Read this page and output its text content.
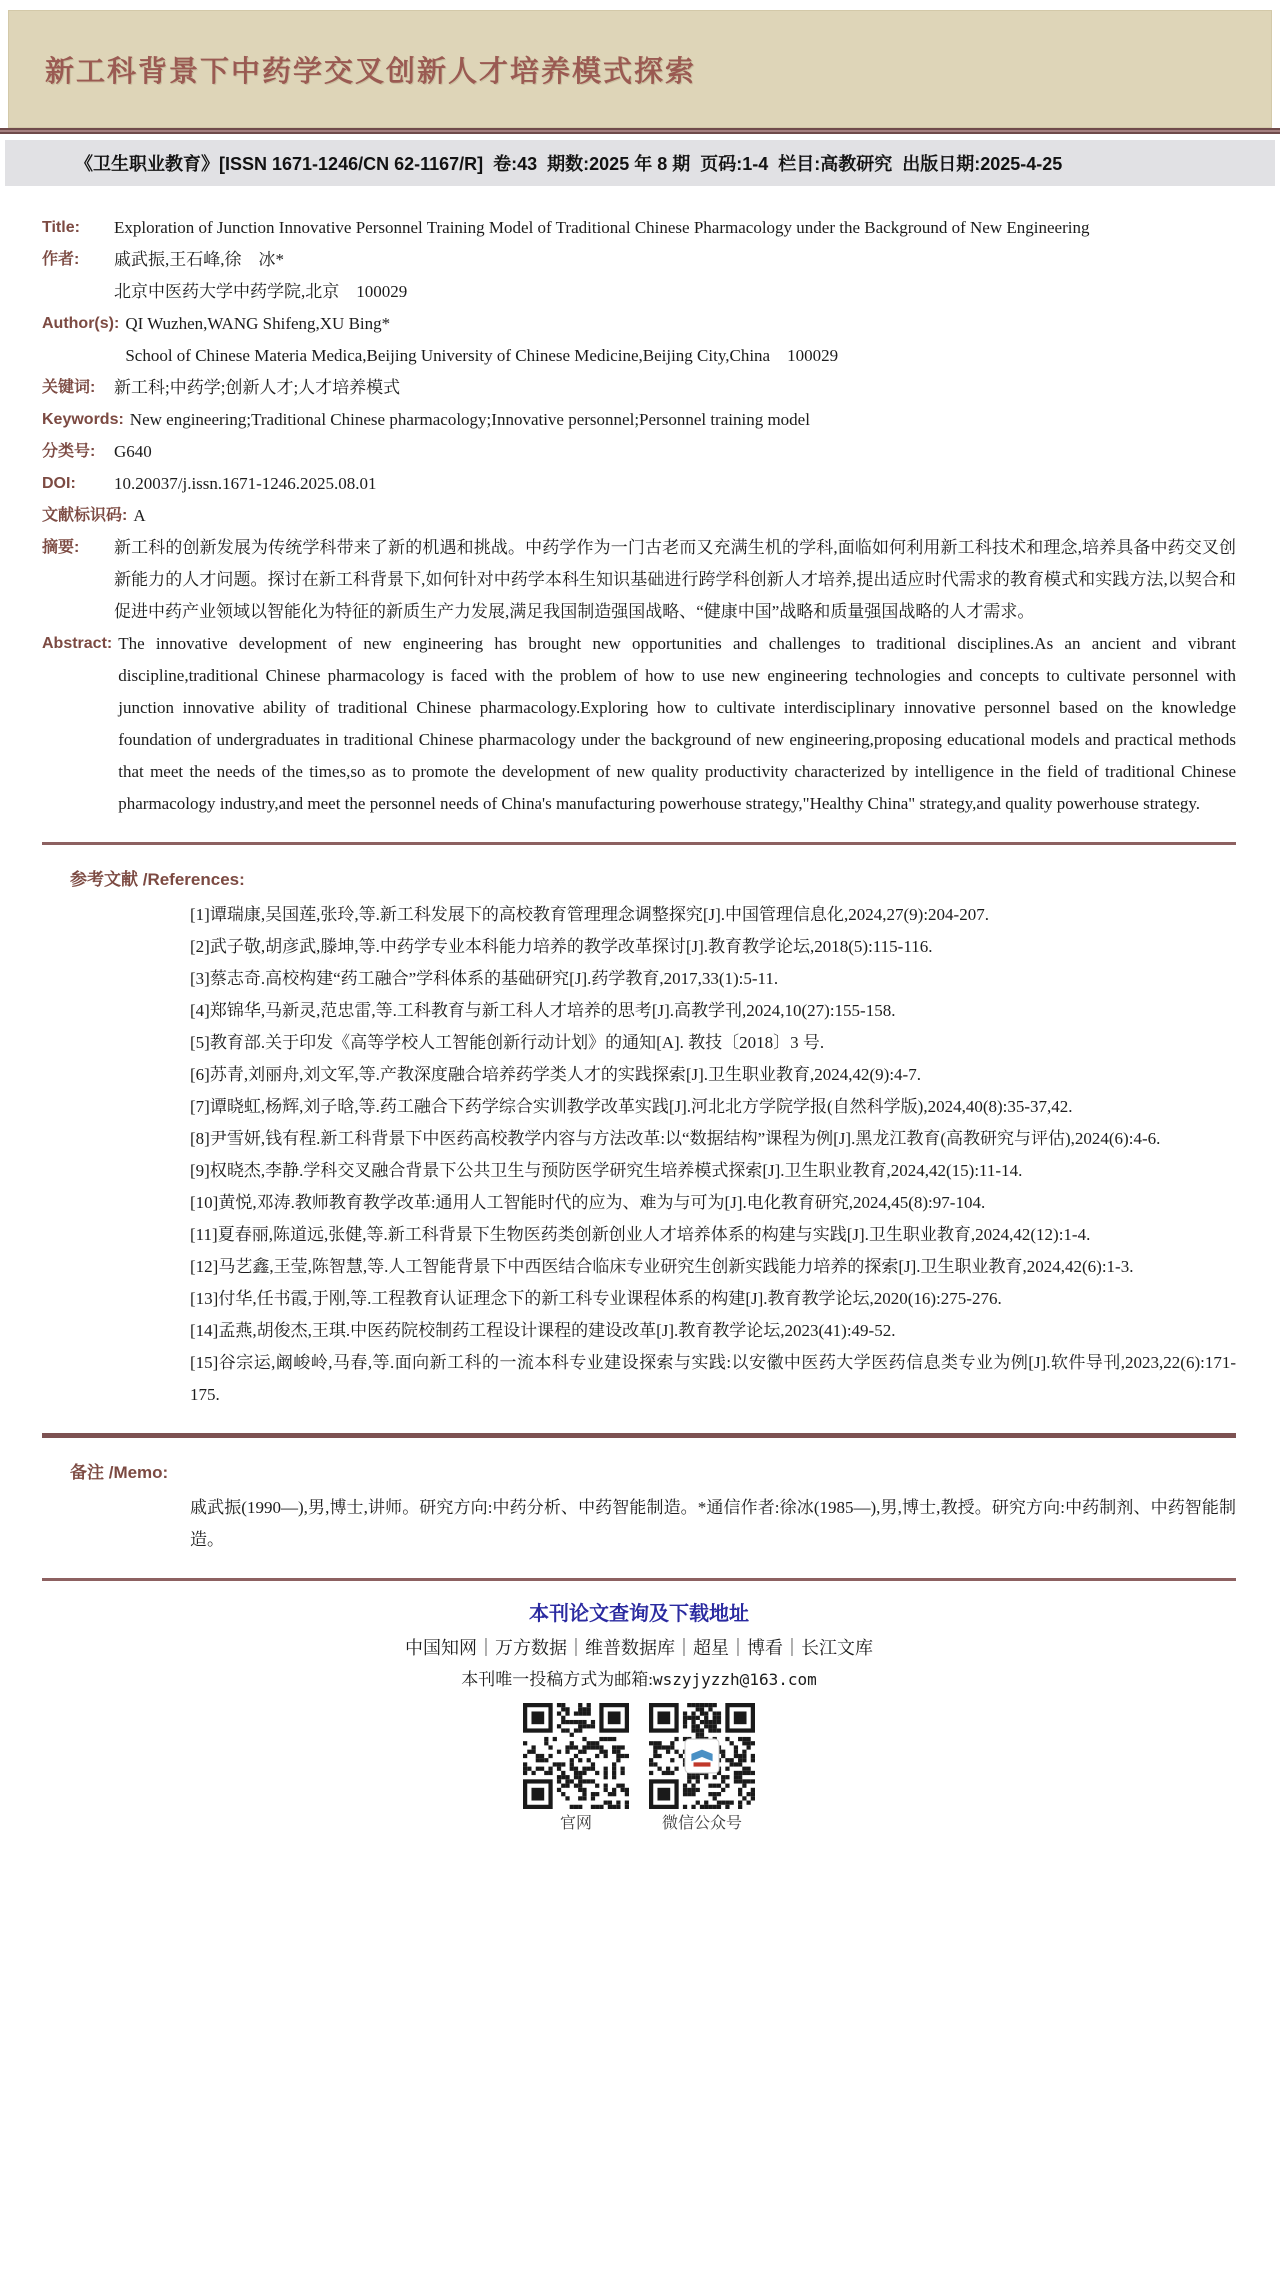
新工科背景下中药学交叉创新人才培养模式探索
《卫生职业教育》[ISSN 1671-1246/CN 62-1167/R]  卷:43  期数:2025 年 8 期  页码:1-4  栏目:高教研究  出版日期:2025-4-25
Title:	Exploration of Junction Innovative Personnel Training Model of Traditional Chinese Pharmacology under the Background of New Engineering
作者:	戚武振,王石峰,徐　冰*
北京中医药大学中药学院,北京　100029
Author(s): QI Wuzhen,WANG Shifeng,XU Bing*
School of Chinese Materia Medica,Beijing University of Chinese Medicine,Beijing City,China　100029
关键词:	新工科;中药学;创新人才;人才培养模式
Keywords: New engineering;Traditional Chinese pharmacology;Innovative personnel;Personnel training model
分类号:	G640
DOI:	10.20037/j.issn.1671-1246.2025.08.01
文献标识码: A
摘要:	新工科的创新发展为传统学科带来了新的机遇和挑战。中药学作为一门古老而又充满生机的学科,面临如何利用新工科技术和理念,培养具备中药交叉创新能力的人才问题。探讨在新工科背景下,如何针对中药学本科生知识基础进行跨学科创新人才培养,提出适应时代需求的教育模式和实践方法,以契合和促进中药产业领域以智能化为特征的新质生产力发展,满足我国制造强国战略、“健康中国”战略和质量强国战略的人才需求。
Abstract: The innovative development of new engineering has brought new opportunities and challenges to traditional disciplines.As an ancient and vibrant discipline,traditional Chinese pharmacology is faced with the problem of how to use new engineering technologies and concepts to cultivate personnel with junction innovative ability of traditional Chinese pharmacology.Exploring how to cultivate interdisciplinary innovative personnel based on the knowledge foundation of undergraduates in traditional Chinese pharmacology under the background of new engineering,proposing educational models and practical methods that meet the needs of the times,so as to promote the development of new quality productivity characterized by intelligence in the field of traditional Chinese pharmacology industry,and meet the personnel needs of China's manufacturing powerhouse strategy,"Healthy China" strategy,and quality powerhouse strategy.
参考文献 /References:
[1]谭瑞康,吴国莲,张玲,等.新工科发展下的高校教育管理理念调整探究[J].中国管理信息化,2024,27(9):204-207.
[2]武子敬,胡彦武,滕坤,等.中药学专业本科能力培养的教学改革探讨[J].教育教学论坛,2018(5):115-116.
[3]蔡志奇.高校构建“药工融合”学科体系的基础研究[J].药学教育,2017,33(1):5-11.
[4]郑锦华,马新灵,范忠雷,等.工科教育与新工科人才培养的思考[J].高教学刊,2024,10(27):155-158.
[5]教育部.关于印发《高等学校人工智能创新行动计划》的通知[A]. 教技〔2018〕3 号.
[6]苏青,刘丽舟,刘文军,等.产教深度融合培养药学类人才的实践探索[J].卫生职业教育,2024,42(9):4-7.
[7]谭晓虹,杨辉,刘子晗,等.药工融合下药学综合实训教学改革实践[J].河北北方学院学报(自然科学版),2024,40(8):35-37,42.
[8]尹雪妍,钱有程.新工科背景下中医药高校教学内容与方法改革:以“数据结构”课程为例[J].黑龙江教育(高教研究与评估),2024(6):4-6.
[9]权晓杰,李静.学科交叉融合背景下公共卫生与预防医学研究生培养模式探索[J].卫生职业教育,2024,42(15):11-14.
[10]黄悦,邓涛.教师教育教学改革:通用人工智能时代的应为、难为与可为[J].电化教育研究,2024,45(8):97-104.
[11]夏春丽,陈道远,张健,等.新工科背景下生物医药类创新创业人才培养体系的构建与实践[J].卫生职业教育,2024,42(12):1-4.
[12]马艺鑫,王莹,陈智慧,等.人工智能背景下中西医结合临床专业研究生创新实践能力培养的探索[J].卫生职业教育,2024,42(6):1-3.
[13]付华,任书霞,于刚,等.工程教育认证理念下的新工科专业课程体系的构建[J].教育教学论坛,2020(16):275-276.
[14]孟燕,胡俊杰,王琪.中医药院校制药工程设计课程的建设改革[J].教育教学论坛,2023(41):49-52.
[15]谷宗运,阚峻岭,马春,等.面向新工科的一流本科专业建设探索与实践:以安徽中医药大学医药信息类专业为例[J].软件导刊,2023,22(6):171-175.
备注 /Memo:
戚武振(1990—),男,博士,讲师。研究方向:中药分析、中药智能制造。*通信作者:徐冰(1985—),男,博士,教授。研究方向:中药制剂、中药智能制造。
本刊论文查询及下载地址
中国知网｜万方数据｜维普数据库｜超星｜博看｜长江文库
本刊唯一投稿方式为邮箱:wszyjyzzh@163.com
官网	微信公众号
